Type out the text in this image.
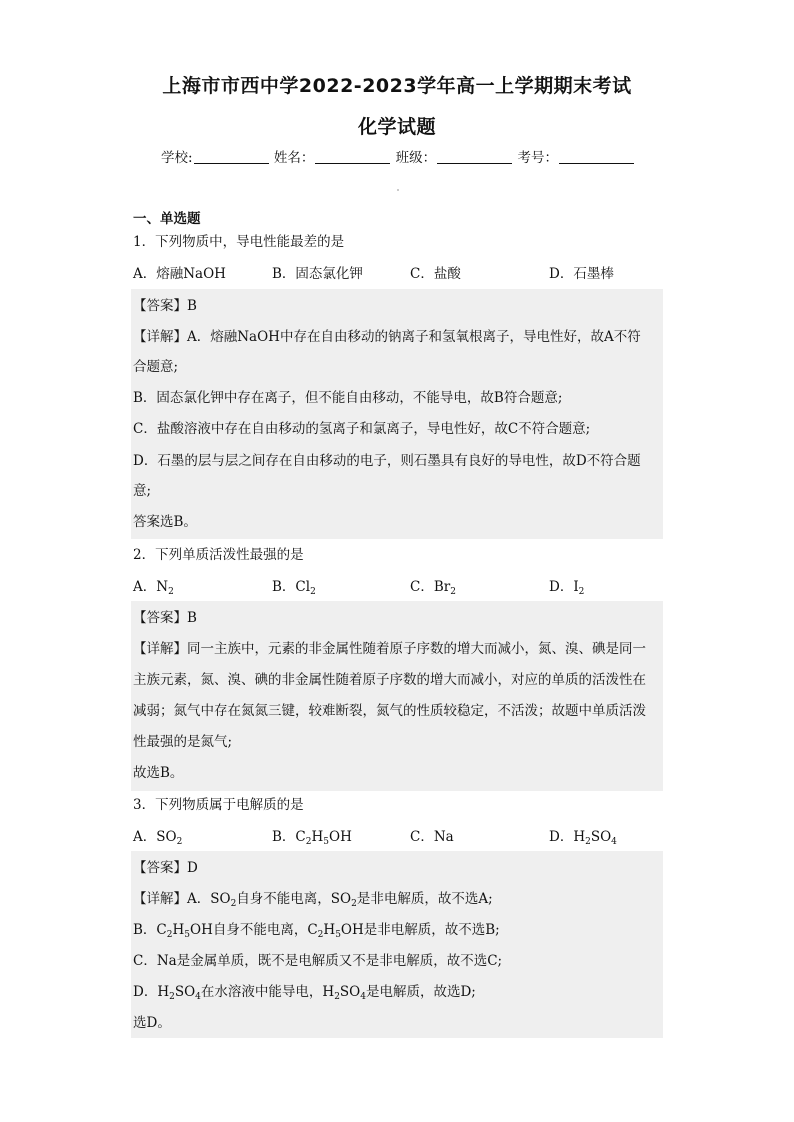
上海市市西中学2022-2023学年高一上学期期末考试
化学试题
学校:	姓名：	班级：	考号：
一、单选题
1．下列物质中，导电性能最差的是
A．熔融NaOH	B．固态氯化钾	C．盐酸	D．石墨棒
【答案】B
【详解】A．熔融NaOH中存在自由移动的钠离子和氢氧根离子，导电性好，故A不符
合题意;
B．固态氯化钾中存在离子，但不能自由移动，不能导电，故B符合题意;
C．盐酸溶液中存在自由移动的氢离子和氯离子，导电性好，故C不符合题意;
D．石墨的层与层之间存在自由移动的电子，则石墨具有良好的导电性，故D不符合题
意;
答案选B。
2．下列单质活泼性最强的是
A．$N_2$	B．$Cl_2$	C．$Br_2$	D．$I_2$
【答案】B
【详解】同一主族中，元素的非金属性随着原子序数的增大而减小，氮、溴、碘是同一
主族元素，氮、溴、碘的非金属性随着原子序数的增大而减小，对应的单质的活泼性在
减弱；氮气中存在氮氮三键，较难断裂，氮气的性质较稳定，不活泼；故题中单质活泼
性最强的是氮气;
故选B。
3．下列物质属于电解质的是
A．$SO_2$	B．$C_2H_5OH$	C．Na	D．$H_2SO_4$
【答案】D
【详解】A．$SO_2$自身不能电离，$SO_2$是非电解质，故不选A;
B．$C_2H_5OH$自身不能电离，$C_2H_5OH$是非电解质，故不选B;
C．Na是金属单质，既不是电解质又不是非电解质，故不选C;
D．$H_2SO_4$在水溶液中能导电，$H_2SO_4$是电解质，故选D;
选D。
